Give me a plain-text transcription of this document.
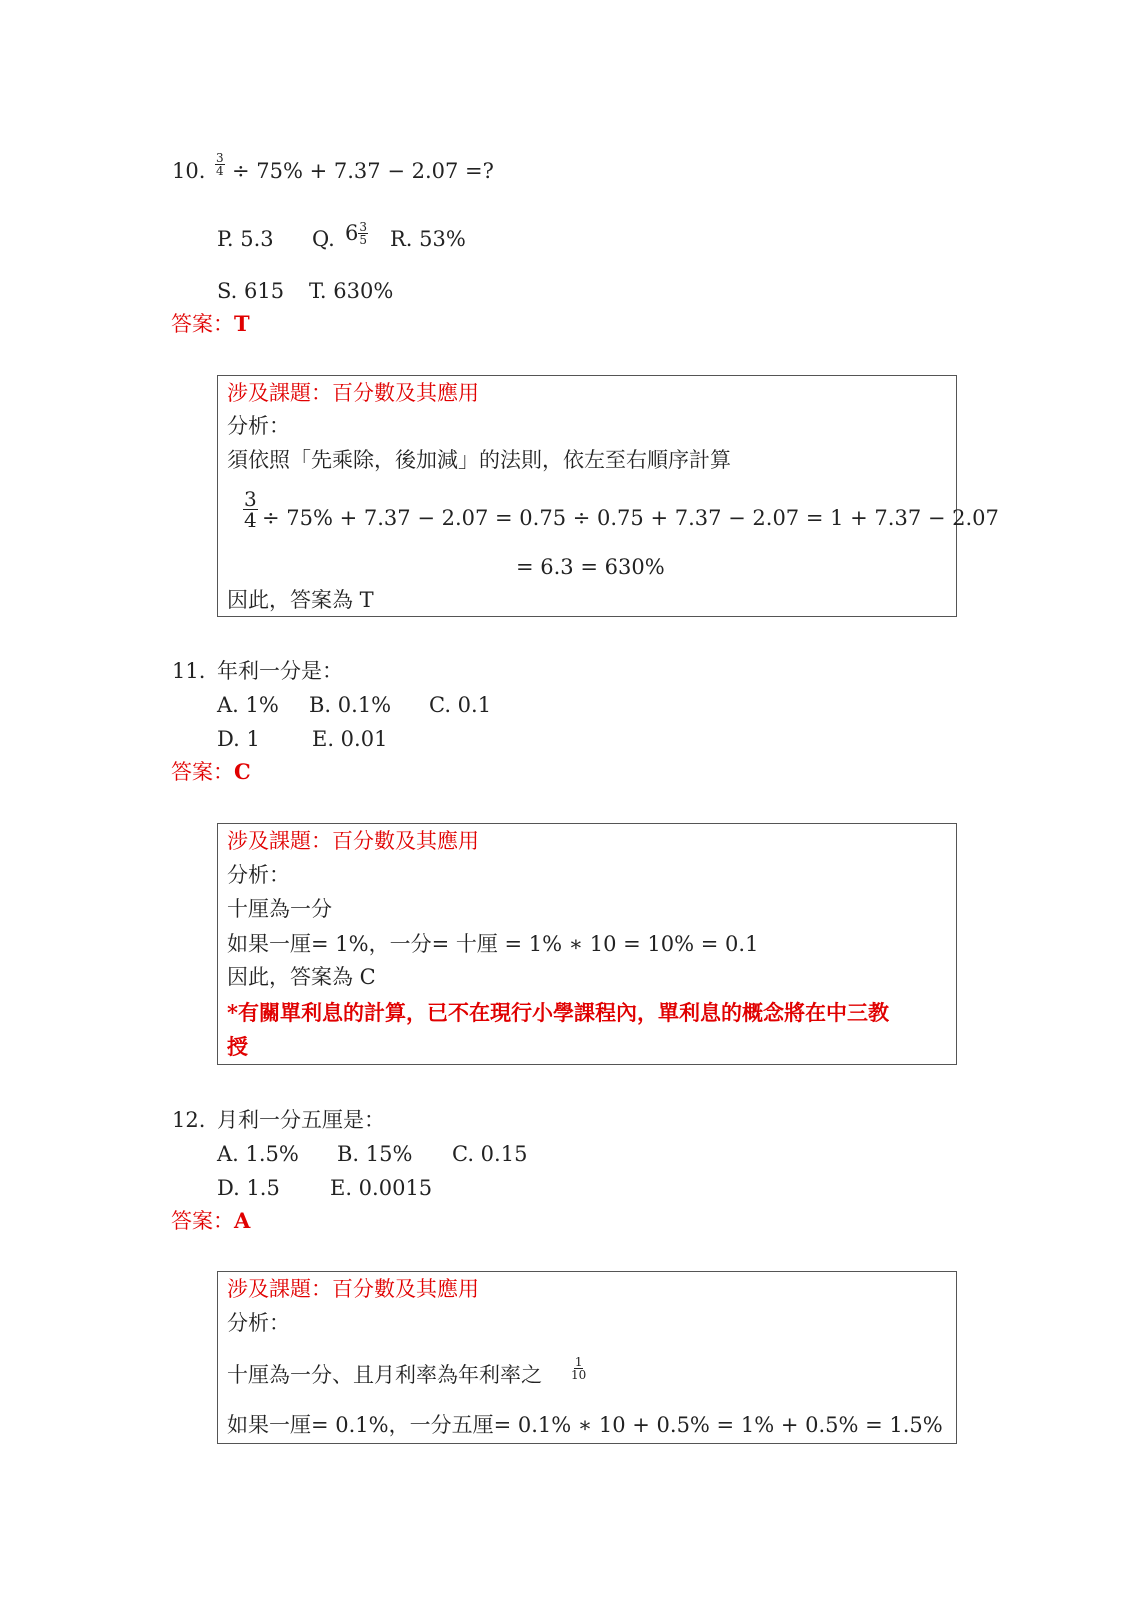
10. $\frac{3}{4} \div 75\% + 7.37 - 2.07$ =?
P. 5.3 Q. $6 \frac{3}{5} R$. 53%
S. 615 T. 630%
答案：T
涉及課題：百分數及其應用
分析：
須依照「先乘除，後加減」的法則，依左至右順序計算
$\frac{3}{4} \div 75\% + 7.37 - 2.07 = 0.75 \div 0.75 + 7.37 - 2.07 = 1 + 7.37 - 2.07$
= 6.3 = 630%
因此，答案為 T
11. 年利一分是：
A. 1% B. 0.1% C. 0.1
D. 1 E. 0.01
答案：C
涉及課題：百分數及其應用
分析：
十厘為一分
如果一厘= 1%，一分= 十厘 = 1% ∗ 10 = 10% = 0.1
因此，答案為 C
*有關單利息的計算，已不在現行小學課程內，單利息的概念將在中三教
授
12. 月利一分五厘是：
A. 1.5% B. 15% C. 0.15
D. 1.5 E. 0.0015
答案：A
涉及課題：百分數及其應用
分析：
十厘為一分、且月利率為年利率之 $\frac{1}{10}$
如果一厘= 0.1%，一分五厘= 0.1% ∗ 10 + 0.5% = 1% + 0.5% = 1.5%
